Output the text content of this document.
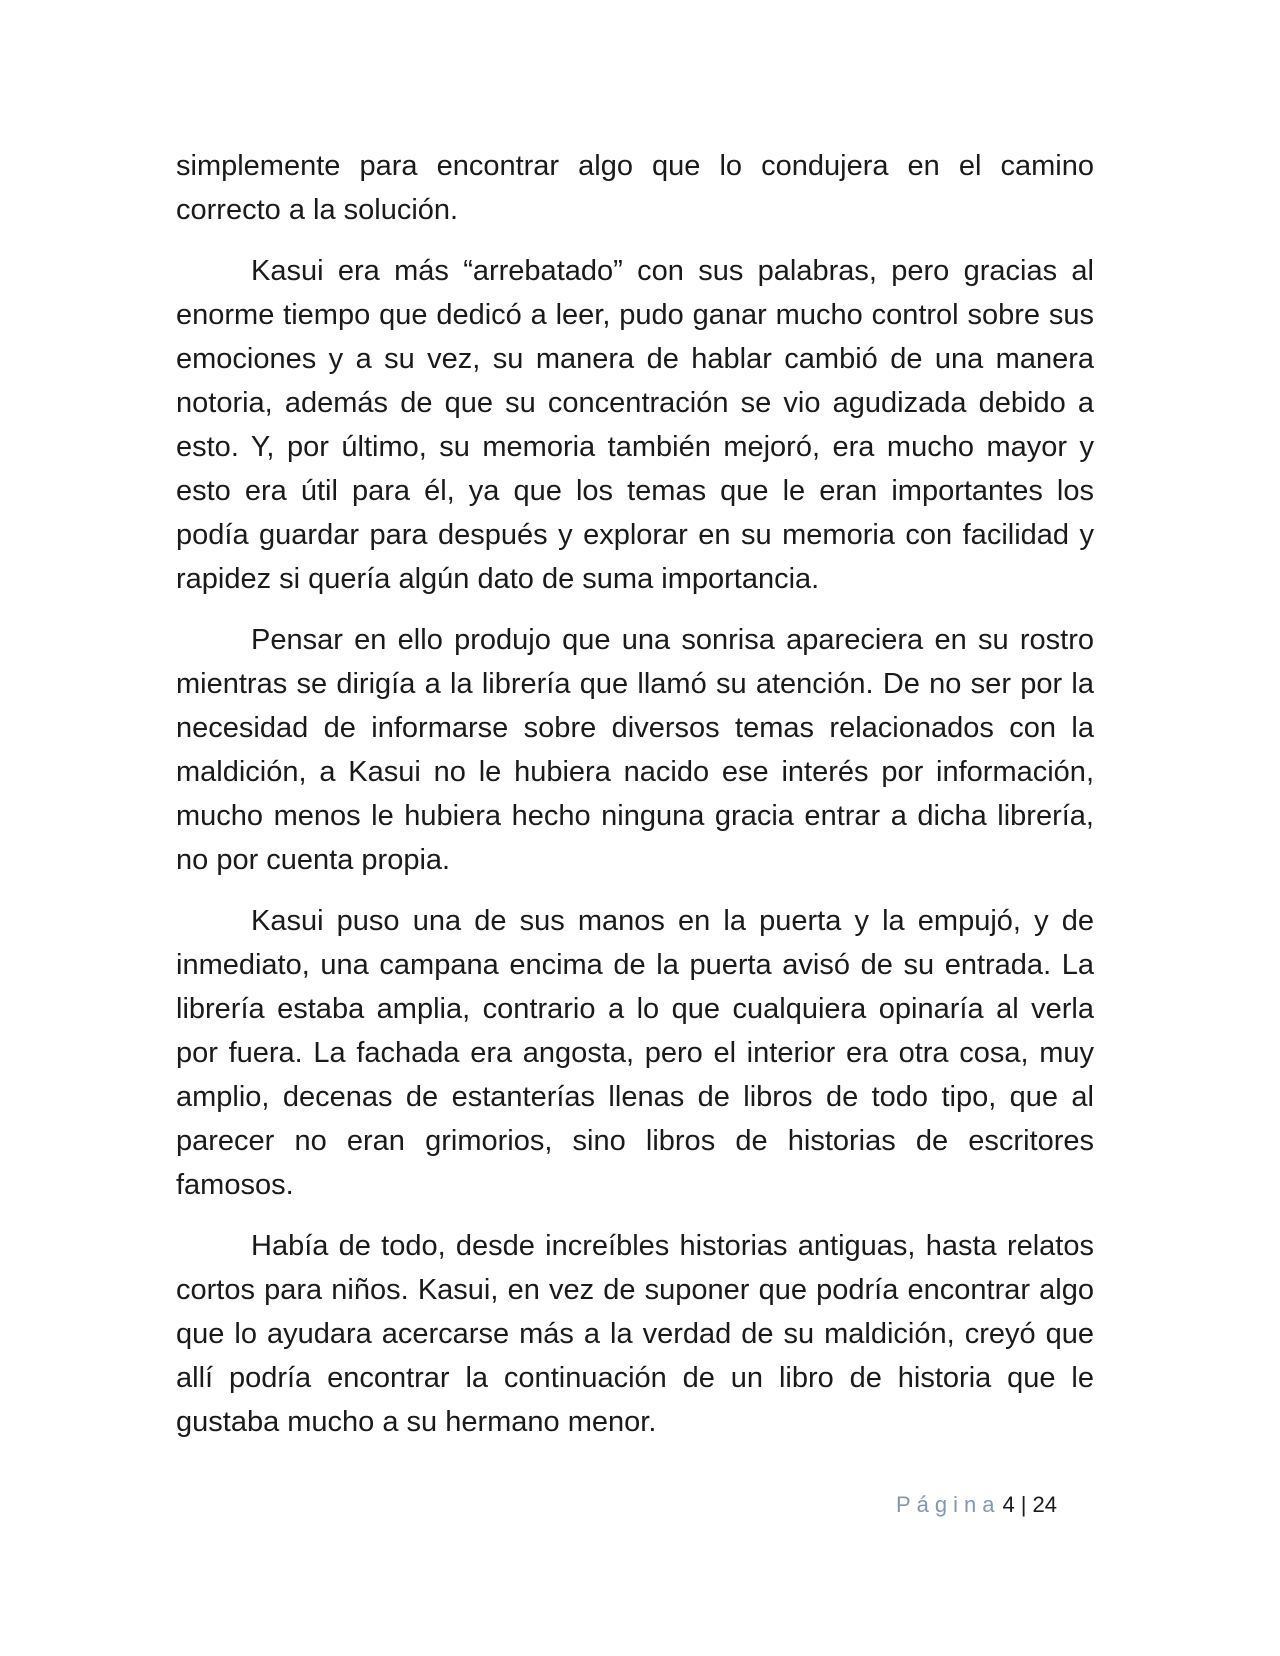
simplemente para encontrar algo que lo condujera en el camino correcto a la solución.

Kasui era más “arrebatado” con sus palabras, pero gracias al enorme tiempo que dedicó a leer, pudo ganar mucho control sobre sus emociones y a su vez, su manera de hablar cambió de una manera notoria, además de que su concentración se vio agudizada debido a esto. Y, por último, su memoria también mejoró, era mucho mayor y esto era útil para él, ya que los temas que le eran importantes los podía guardar para después y explorar en su memoria con facilidad y rapidez si quería algún dato de suma importancia.

Pensar en ello produjo que una sonrisa apareciera en su rostro mientras se dirigía a la librería que llamó su atención. De no ser por la necesidad de informarse sobre diversos temas relacionados con la maldición, a Kasui no le hubiera nacido ese interés por información, mucho menos le hubiera hecho ninguna gracia entrar a dicha librería, no por cuenta propia.

Kasui puso una de sus manos en la puerta y la empujó, y de inmediato, una campana encima de la puerta avisó de su entrada. La librería estaba amplia, contrario a lo que cualquiera opinaría al verla por fuera. La fachada era angosta, pero el interior era otra cosa, muy amplio, decenas de estanterías llenas de libros de todo tipo, que al parecer no eran grimorios, sino libros de historias de escritores famosos.

Había de todo, desde increíbles historias antiguas, hasta relatos cortos para niños. Kasui, en vez de suponer que podría encontrar algo que lo ayudara acercarse más a la verdad de su maldición, creyó que allí podría encontrar la continuación de un libro de historia que le gustaba mucho a su hermano menor.

Página4 | 24
